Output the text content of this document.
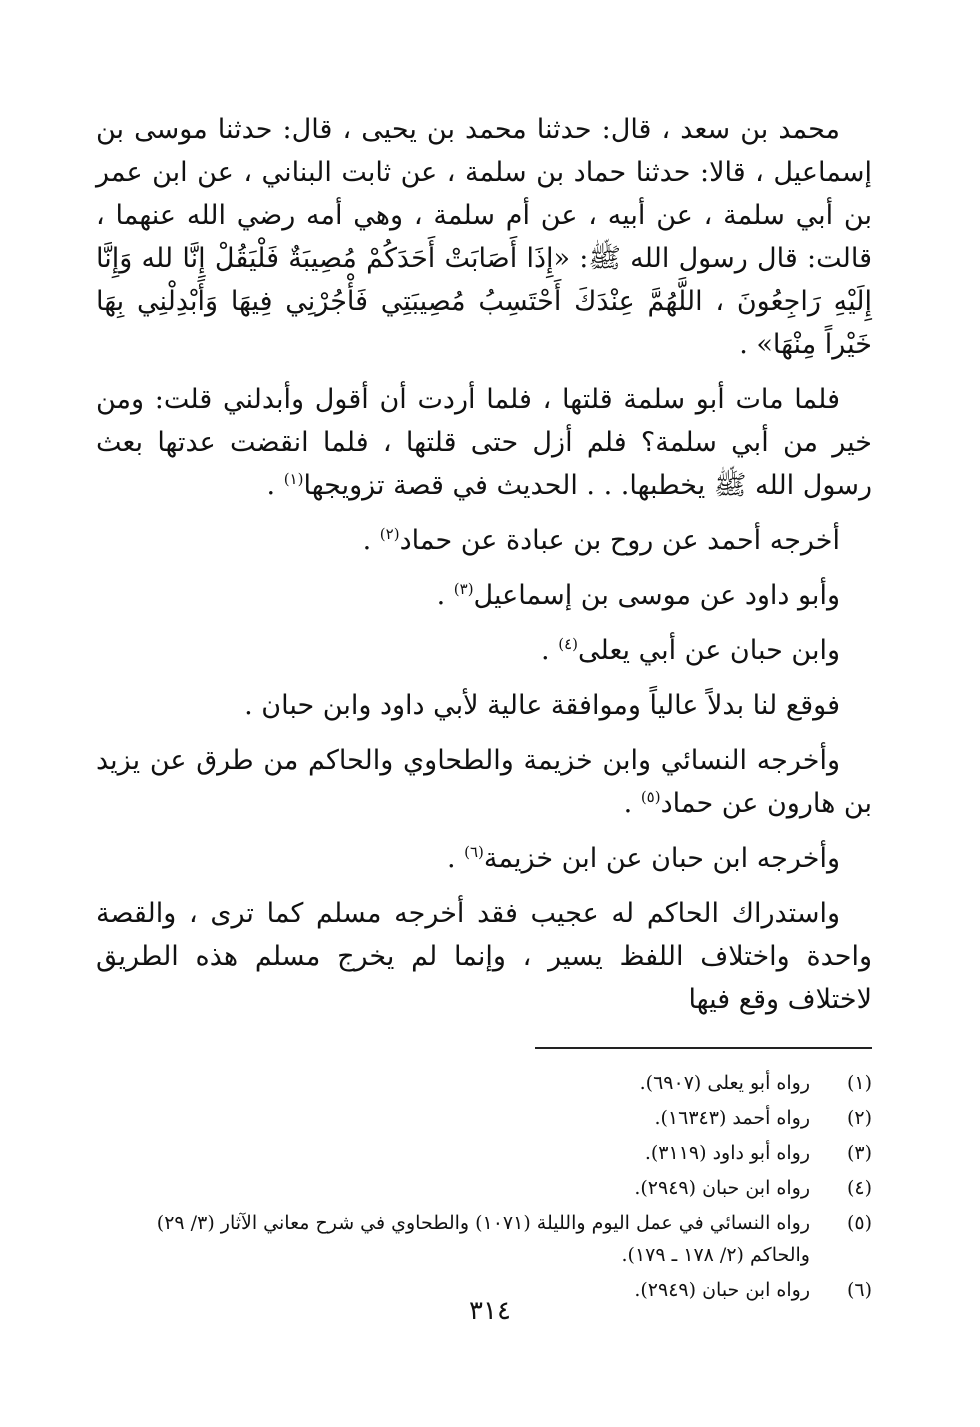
محمد بن سعد ، قال: حدثنا محمد بن يحيى ، قال: حدثنا موسى بن إسماعيل ، قالا: حدثنا حماد بن سلمة ، عن ثابت البناني ، عن ابن عمر بن أبي سلمة ، عن أبيه ، عن أم سلمة ، وهي أمه رضي الله عنهما ، قالت: قال رسول الله ﷺ: «إِذَا أَصَابَتْ أَحَدَكُمْ مُصِيبَةٌ فَلْيَقُلْ إِنَّا لله وَإِنَّا إِلَيْهِ رَاجِعُونَ ، اللَّهُمَّ عِنْدَكَ أَحْتَسِبُ مُصِيبَتِي فَأْجُرْنِي فِيهَا وَأَبْدِلْنِي بِهَا خَيْراً مِنْهَا» .

فلما مات أبو سلمة قلتها ، فلما أردت أن أقول وأبدلني قلت: ومن خير من أبي سلمة؟ فلم أزل حتى قلتها ، فلما انقضت عدتها بعث رسول الله ﷺ يخطبها. . . الحديث في قصة تزويجها$^{(١)}$ .

أخرجه أحمد عن روح بن عبادة عن حماد$^{(٢)}$ .

وأبو داود عن موسى بن إسماعيل$^{(٣)}$ .

وابن حبان عن أبي يعلى$^{(٤)}$ .

فوقع لنا بدلاً عالياً وموافقة عالية لأبي داود وابن حبان .

وأخرجه النسائي وابن خزيمة والطحاوي والحاكم من طرق عن يزيد بن هارون عن حماد$^{(٥)}$ .

وأخرجه ابن حبان عن ابن خزيمة$^{(٦)}$ .

واستدراك الحاكم له عجيب فقد أخرجه مسلم كما ترى ، والقصة واحدة واختلاف اللفظ يسير ، وإنما لم يخرج مسلم هذه الطريق لاختلاف وقع فيها

(١)
رواه أبو يعلى (٦٩٠٧).
(٢)
رواه أحمد (١٦٣٤٣).
(٣)
رواه أبو داود (٣١١٩).
(٤)
رواه ابن حبان (٢٩٤٩).
(٥)
رواه النسائي في عمل اليوم والليلة (١٠٧١) والطحاوي في شرح معاني الآثار (٣/ ٢٩) والحاكم (٢/ ١٧٨ ـ ١٧٩).
(٦)
رواه ابن حبان (٢٩٤٩).
٣١٤
